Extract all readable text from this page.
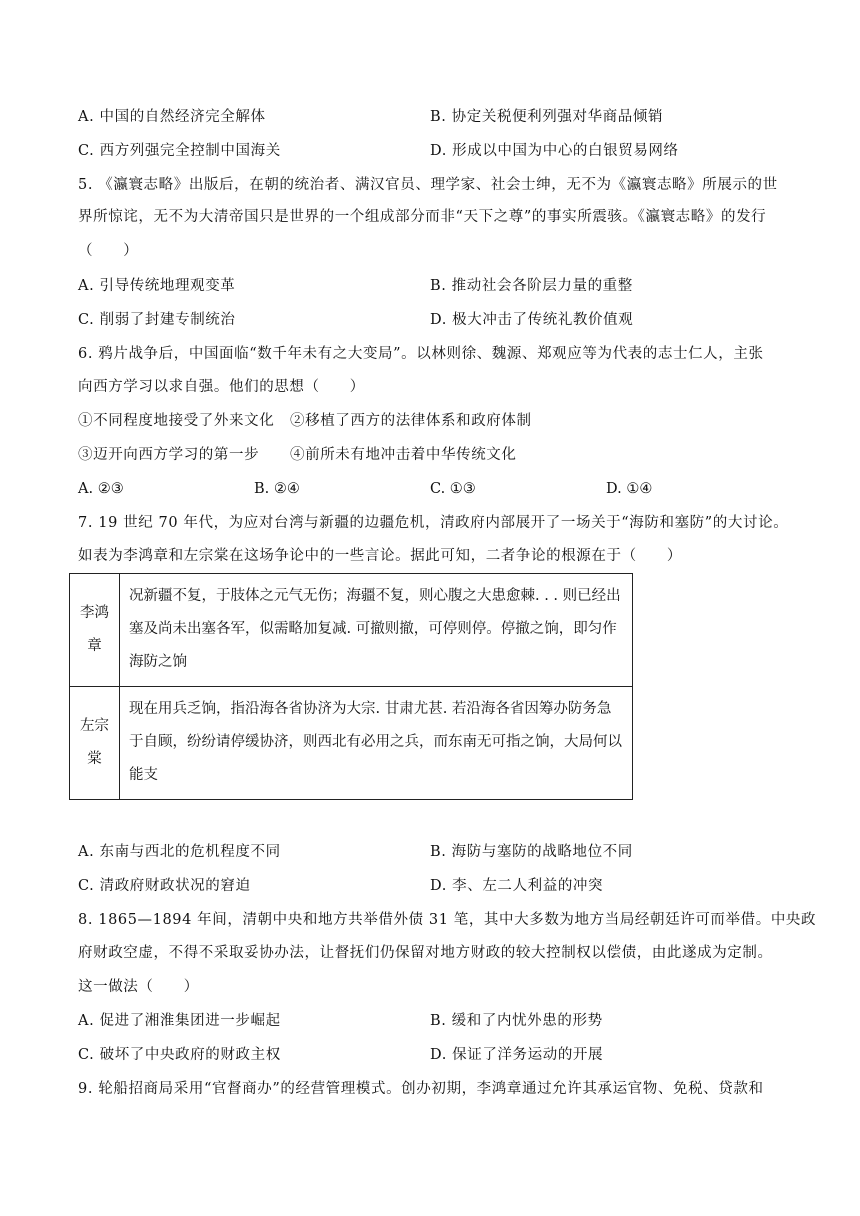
A. 中国的自然经济完全解体	B. 协定关税便利列强对华商品倾销
C. 西方列强完全控制中国海关	D. 形成以中国为中心的白银贸易网络
5. 《瀛寰志略》出版后，在朝的统治者、满汉官员、理学家、社会士绅，无不为《瀛寰志略》所展示的世
界所惊诧，无不为大清帝国只是世界的一个组成部分而非“天下之尊”的事实所震骇。《瀛寰志略》的发行
（　　）
A. 引导传统地理观变革	B. 推动社会各阶层力量的重整
C. 削弱了封建专制统治	D. 极大冲击了传统礼教价值观
6. 鸦片战争后，中国面临“数千年未有之大变局”。以林则徐、魏源、郑观应等为代表的志士仁人，主张
向西方学习以求自强。他们的思想（　　）
①不同程度地接受了外来文化 ②移植了西方的法律体系和政府体制
③迈开向西方学习的第一步 ④前所未有地冲击着中华传统文化
A. ②③	B. ②④	C. ①③	D. ①④
7. 19 世纪 70 年代，为应对台湾与新疆的边疆危机，清政府内部展开了一场关于“海防和塞防”的大讨论。
如表为李鸿章和左宗棠在这场争论中的一些言论。据此可知，二者争论的根源在于（　　）
李鸿
章	况新疆不复，于肢体之元气无伤；海疆不复，则心腹之大患愈棘. . . 则已经出塞及尚未出塞各军，似需略加复减. 可撤则撤，可停则停。停撤之饷，即匀作海防之饷

左宗
棠	现在用兵乏饷，指沿海各省协济为大宗. 甘肃尤甚. 若沿海各省因筹办防务急于自顾，纷纷请停缓协济，则西北有必用之兵，而东南无可指之饷，大局何以能支
A. 东南与西北的危机程度不同	B. 海防与塞防的战略地位不同
C. 清政府财政状况的窘迫	D. 李、左二人利益的冲突
8. 1865—1894 年间，清朝中央和地方共举借外债 31 笔，其中大多数为地方当局经朝廷许可而举借。中央政
府财政空虚，不得不采取妥协办法，让督抚们仍保留对地方财政的较大控制权以偿债，由此遂成为定制。
这一做法（　　）
A. 促进了湘淮集团进一步崛起	B. 缓和了内忧外患的形势
C. 破坏了中央政府的财政主权	D. 保证了洋务运动的开展
9. 轮船招商局采用“官督商办”的经营管理模式。创办初期，李鸿章通过允许其承运官物、免税、贷款和
